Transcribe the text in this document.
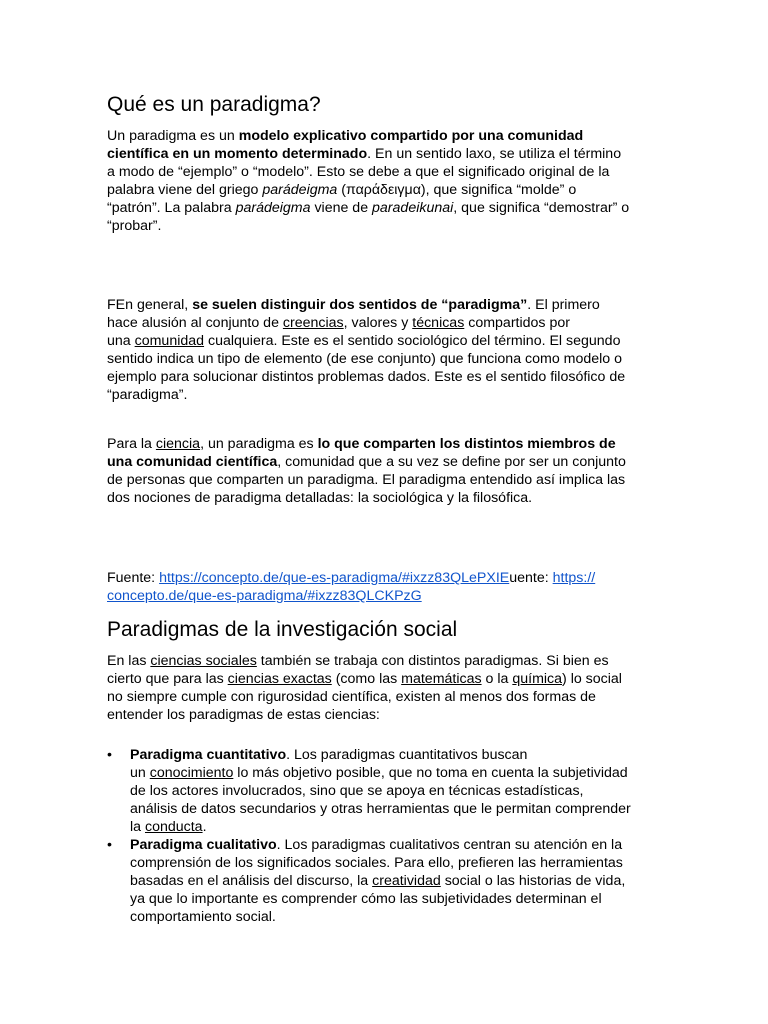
Qué es un paradigma?
Un paradigma es un modelo explicativo compartido por una comunidad
científica en un momento determinado. En un sentido laxo, se utiliza el término
a modo de “ejemplo” o “modelo”. Esto se debe a que el significado original de la
palabra viene del griego parádeigma (παράδειγμα), que significa “molde” o
“patrón”. La palabra parádeigma viene de paradeikunai, que significa “demostrar” o
“probar”.
FEn general, se suelen distinguir dos sentidos de “paradigma”. El primero
hace alusión al conjunto de creencias, valores y técnicas compartidos por
una comunidad cualquiera. Este es el sentido sociológico del término. El segundo
sentido indica un tipo de elemento (de ese conjunto) que funciona como modelo o
ejemplo para solucionar distintos problemas dados. Este es el sentido filosófico de
“paradigma”.
Para la ciencia, un paradigma es lo que comparten los distintos miembros de
una comunidad científica, comunidad que a su vez se define por ser un conjunto
de personas que comparten un paradigma. El paradigma entendido así implica las
dos nociones de paradigma detalladas: la sociológica y la filosófica.
Fuente: https://concepto.de/que-es-paradigma/#ixzz83QLePXIEuente: https://
concepto.de/que-es-paradigma/#ixzz83QLCKPzG
Paradigmas de la investigación social
En las ciencias sociales también se trabaja con distintos paradigmas. Si bien es
cierto que para las ciencias exactas (como las matemáticas o la química) lo social
no siempre cumple con rigurosidad científica, existen al menos dos formas de
entender los paradigmas de estas ciencias:
• Paradigma cuantitativo. Los paradigmas cuantitativos buscan
un conocimiento lo más objetivo posible, que no toma en cuenta la subjetividad
de los actores involucrados, sino que se apoya en técnicas estadísticas,
análisis de datos secundarios y otras herramientas que le permitan comprender
la conducta.
• Paradigma cualitativo. Los paradigmas cualitativos centran su atención en la
comprensión de los significados sociales. Para ello, prefieren las herramientas
basadas en el análisis del discurso, la creatividad social o las historias de vida,
ya que lo importante es comprender cómo las subjetividades determinan el
comportamiento social.
